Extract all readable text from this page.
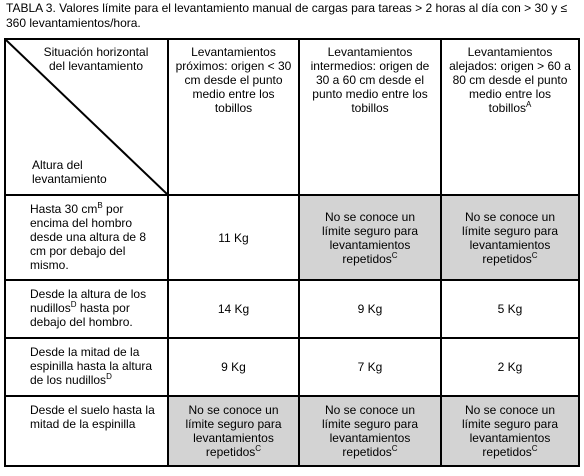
TABLA 3. Valores límite para el levantamiento manual de cargas para tareas > 2 horas al día con > 30 y ≤ 360 levantamientos/hora.
Situación horizontal del levantamiento
Altura del levantamiento	Levantamientos próximos: origen < 30 cm desde el punto medio entre los tobillos	Levantamientos intermedios: origen de 30 a 60 cm desde el punto medio entre los tobillos	Levantamientos alejados: origen > 60 a 80 cm desde el punto medio entre los tobillos$^A$
Hasta 30 $cm^B$ por encima del hombro desde una altura de 8 cm por debajo del mismo.	11 Kg	No se conoce un límite seguro para levantamientos repetidos$^C$	No se conoce un límite seguro para levantamientos repetidos$^C$
Desde la altura de los nudillos$^D$ hasta por debajo del hombro.	14 Kg	9 Kg	5 Kg
Desde la mitad de la espinilla hasta la altura de los nudillos$^D$	9 Kg	7 Kg	2 Kg
Desde el suelo hasta la mitad de la espinilla	No se conoce un límite seguro para levantamientos repetidos$^C$	No se conoce un límite seguro para levantamientos repetidos$^C$	No se conoce un límite seguro para levantamientos repetidos$^C$
